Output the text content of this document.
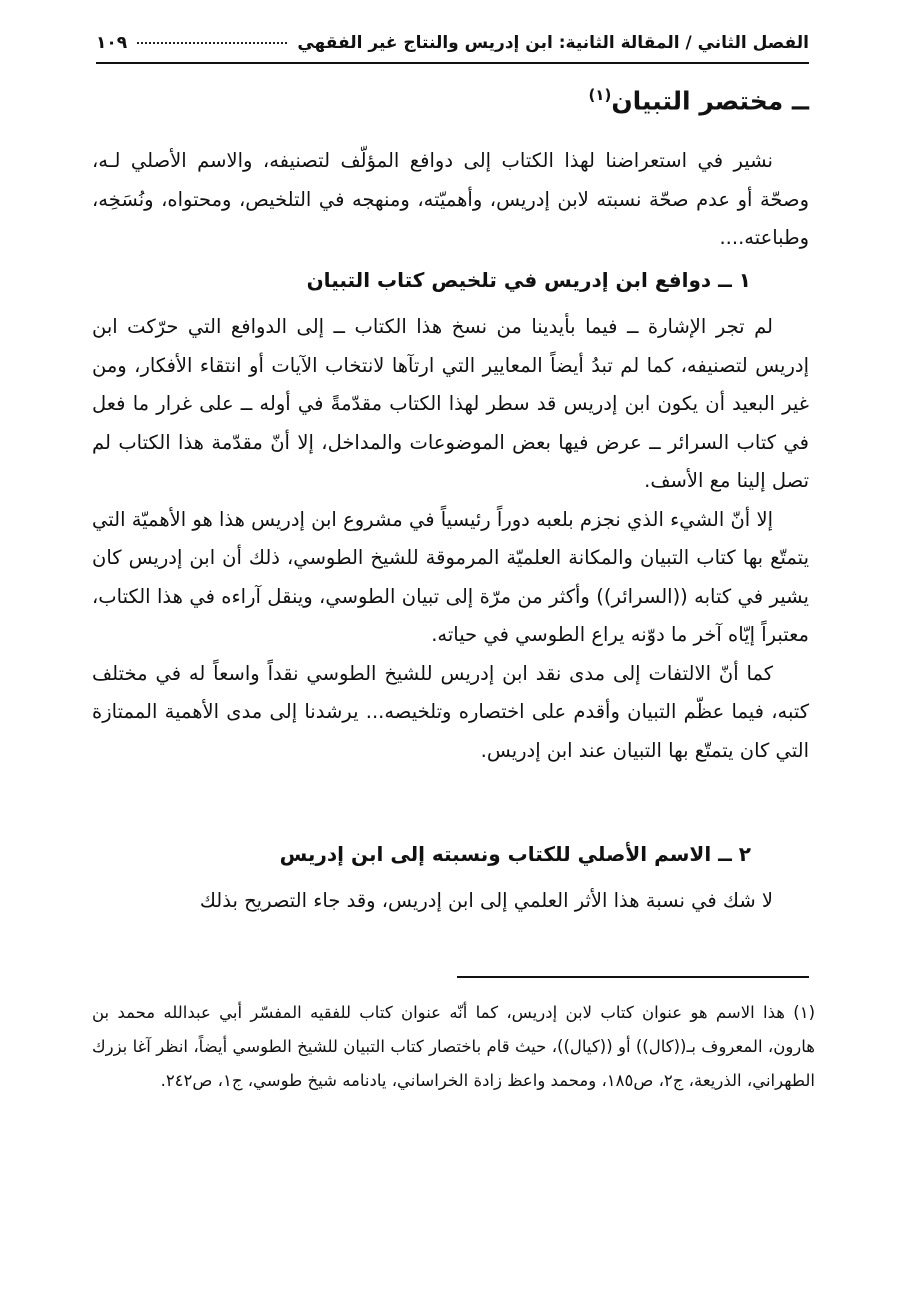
١٠٩	الفصل الثاني / المقالة الثانية: ابن إدريس والنتاج غير الفقهي
ــ مختصر التبيان$^{(١)}$

نشير في استعراضنا لهذا الكتاب إلى دوافع المؤلّف لتصنيفه، والاسم الأصلي لـه، وصحّة أو عدم صحّة نسبته لابن إدريس، وأهميّته، ومنهجه في التلخيص، ومحتواه، ونُسَخِه، وطباعته....

١ ــ دوافع ابن إدريس في تلخيص كتاب التبيان

لم تجر الإشارة ــ فيما بأيدينا من نسخ هذا الكتاب ــ إلى الدوافع التي حرّكت ابن إدريس لتصنيفه، كما لم تبدُ أيضاً المعايير التي ارتآها لانتخاب الآيات أو انتقاء الأفكار، ومن غير البعيد أن يكون ابن إدريس قد سطر لهذا الكتاب مقدّمةً في أوله ــ على غرار ما فعل في كتاب السرائر ــ عرض فيها بعض الموضوعات والمداخل، إلا أنّ مقدّمة هذا الكتاب لم تصل إلينا مع الأسف.

إلا أنّ الشيء الذي نجزم بلعبه دوراً رئيسياً في مشروع ابن إدريس هذا هو الأهميّة التي يتمتّع بها كتاب التبيان والمكانة العلميّة المرموقة للشيخ الطوسي، ذلك أن ابن إدريس كان يشير في كتابه ((السرائر)) وأكثر من مرّة إلى تبيان الطوسي، وينقل آراءه في هذا الكتاب، معتبراً إيّاه آخر ما دوّنه يراع الطوسي في حياته.

كما أنّ الالتفات إلى مدى نقد ابن إدريس للشيخ الطوسي نقداً واسعاً له في مختلف كتبه، فيما عظّم التبيان وأقدم على اختصاره وتلخيصه... يرشدنا إلى مدى الأهمية الممتازة التي كان يتمتّع بها التبيان عند ابن إدريس.

٢ ــ الاسم الأصلي للكتاب ونسبته إلى ابن إدريس

لا شك في نسبة هذا الأثر العلمي إلى ابن إدريس، وقد جاء التصريح بذلك

(١) هذا الاسم هو عنوان كتاب لابن إدريس، كما أنّه عنوان كتاب للفقيه المفسّر أبي عبدالله محمد بن هارون، المعروف بـ((كال)) أو ((كيال))، حيث قام باختصار كتاب التبيان للشيخ الطوسي أيضاً، انظر آغا بزرك الطهراني، الذريعة، ج٢، ص١٨٥، ومحمد واعظ زادة الخراساني، يادنامه شيخ طوسي، ج١، ص٢٤٢.
